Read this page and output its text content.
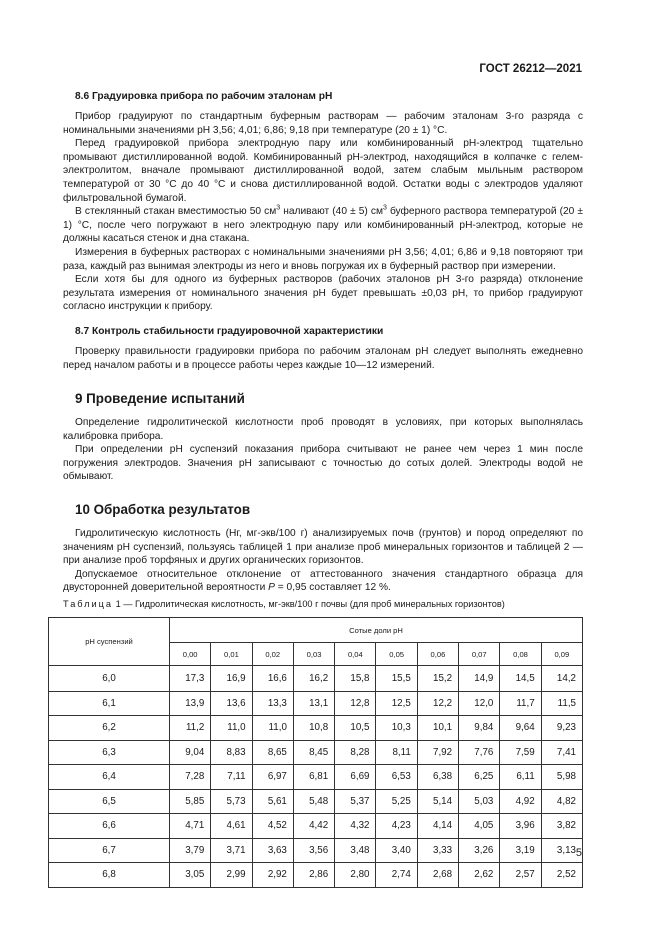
ГОСТ 26212—2021
8.6 Градуировка прибора по рабочим эталонам рН

Прибор градуируют по стандартным буферным растворам — рабочим эталонам 3-го разряда с номинальными значениями рН 3,56; 4,01; 6,86; 9,18 при температуре (20 ± 1) °С.

Перед градуировкой прибора электродную пару или комбинированный рН-электрод тщательно промывают дистиллированной водой. Комбинированный рН-электрод, находящийся в колпачке с гелем-электролитом, вначале промывают дистиллированной водой, затем слабым мыльным раствором температурой от 30 °С до 40 °С и снова дистиллированной водой. Остатки воды с электродов удаляют фильтровальной бумагой.

В стеклянный стакан вместимостью 50 $см^3$ наливают (40 ± 5) $см^3$ буферного раствора температурой (20 ± 1) °С, после чего погружают в него электродную пару или комбинированный рН-электрод, которые не должны касаться стенок и дна стакана.

Измерения в буферных растворах с номинальными значениями рН 3,56; 4,01; 6,86 и 9,18 повторяют три раза, каждый раз вынимая электроды из него и вновь погружая их в буферный раствор при измерении.

Если хотя бы для одного из буферных растворов (рабочих эталонов рН 3-го разряда) отклонение результата измерения от номинального значения рН будет превышать ±0,03 рН, то прибор градуируют согласно инструкции к прибору.

8.7 Контроль стабильности градуировочной характеристики

Проверку правильности градуировки прибора по рабочим эталонам рН следует выполнять ежедневно перед началом работы и в процессе работы через каждые 10—12 измерений.

9 Проведение испытаний

Определение гидролитической кислотности проб проводят в условиях, при которых выполнялась калибровка прибора.

При определении рН суспензий показания прибора считывают не ранее чем через 1 мин после погружения электродов. Значения рН записывают с точностью до сотых долей. Электроды водой не обмывают.

10 Обработка результатов

Гидролитическую кислотность (Нг, мг-экв/100 г) анализируемых почв (грунтов) и пород определяют по значениям рН суспензий, пользуясь таблицей 1 при анализе проб минеральных горизонтов и таблицей 2 — при анализе проб торфяных и других органических горизонтов.

Допускаемое относительное отклонение от аттестованного значения стандартного образца для двусторонней доверительной вероятности Р = 0,95 составляет 12 %.

Таблица 1 — Гидролитическая кислотность, мг-экв/100 г почвы (для проб минеральных горизонтов)
рН суспензий	Сотые доли рН									
	0,00	0,01	0,02	0,03	0,04	0,05	0,06	0,07	0,08	0,09
6,0	17,3	16,9	16,6	16,2	15,8	15,5	15,2	14,9	14,5	14,2
6,1	13,9	13,6	13,3	13,1	12,8	12,5	12,2	12,0	11,7	11,5
6,2	11,2	11,0	11,0	10,8	10,5	10,3	10,1	9,84	9,64	9,23
6,3	9,04	8,83	8,65	8,45	8,28	8,11	7,92	7,76	7,59	7,41
6,4	7,28	7,11	6,97	6,81	6,69	6,53	6,38	6,25	6,11	5,98
6,5	5,85	5,73	5,61	5,48	5,37	5,25	5,14	5,03	4,92	4,82
6,6	4,71	4,61	4,52	4,42	4,32	4,23	4,14	4,05	3,96	3,82
6,7	3,79	3,71	3,63	3,56	3,48	3,40	3,33	3,26	3,19	3,13
6,8	3,05	2,99	2,92	2,86	2,80	2,74	2,68	2,62	2,57	2,52
5
